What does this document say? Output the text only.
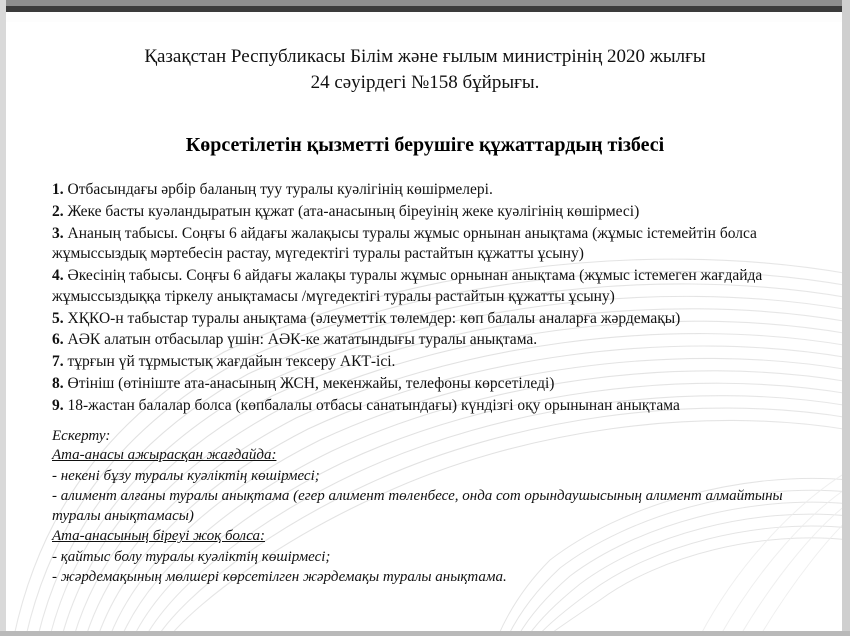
Қазақстан Республикасы Білім және ғылым министрінің 2020 жылғы
24 сәуірдегі №158 бұйрығы.
Көрсетілетін қызметті берушіге құжаттардың тізбесі
1. Отбасындағы әрбір баланың туу туралы куәлігінің көшірмелері.
2. Жеке басты куәландыратын құжат (ата-анасының біреуінің жеке куәлігінің көшірмесі)
3. Ананың табысы. Соңғы 6 айдағы жалақысы туралы жұмыс орнынан анықтама (жұмыс істемейтін болса жұмыссыздық мәртебесін растау, мүгедектігі туралы растайтын құжатты ұсыну)
4. Әкесінің табысы. Соңғы 6 айдағы жалақы туралы жұмыс орнынан анықтама (жұмыс істемеген жағдайда жұмыссыздыққа тіркелу анықтамасы /мүгедектігі туралы растайтын құжатты ұсыну)
5. ХҚКО-н табыстар туралы анықтама (әлеуметтік төлемдер: көп балалы аналарға жәрдемақы)
6. АӘК алатын отбасылар үшін: АӘК-ке жататындығы туралы анықтама.
7. тұрғын үй тұрмыстық жағдайын тексеру АКТ-ісі.
8. Өтініш (өтініште ата-анасының ЖСН, мекенжайы, телефоны көрсетіледі)
9. 18-жастан балалар болса (көпбалалы отбасы санатындағы) күндізгі оқу орынынан анықтама
Ескерту:
Ата-анасы ажырасқан жағдайда:
- некені бұзу туралы куәліктің көшірмесі;
- алимент алғаны туралы анықтама (егер алимент төленбесе, онда сот орындаушысының алимент алмайтыны туралы анықтамасы)
Ата-анасының біреуі жоқ болса:
- қайтыс болу туралы куәліктің көшірмесі;
- жәрдемақының мөлшері көрсетілген жәрдемақы туралы анықтама.
